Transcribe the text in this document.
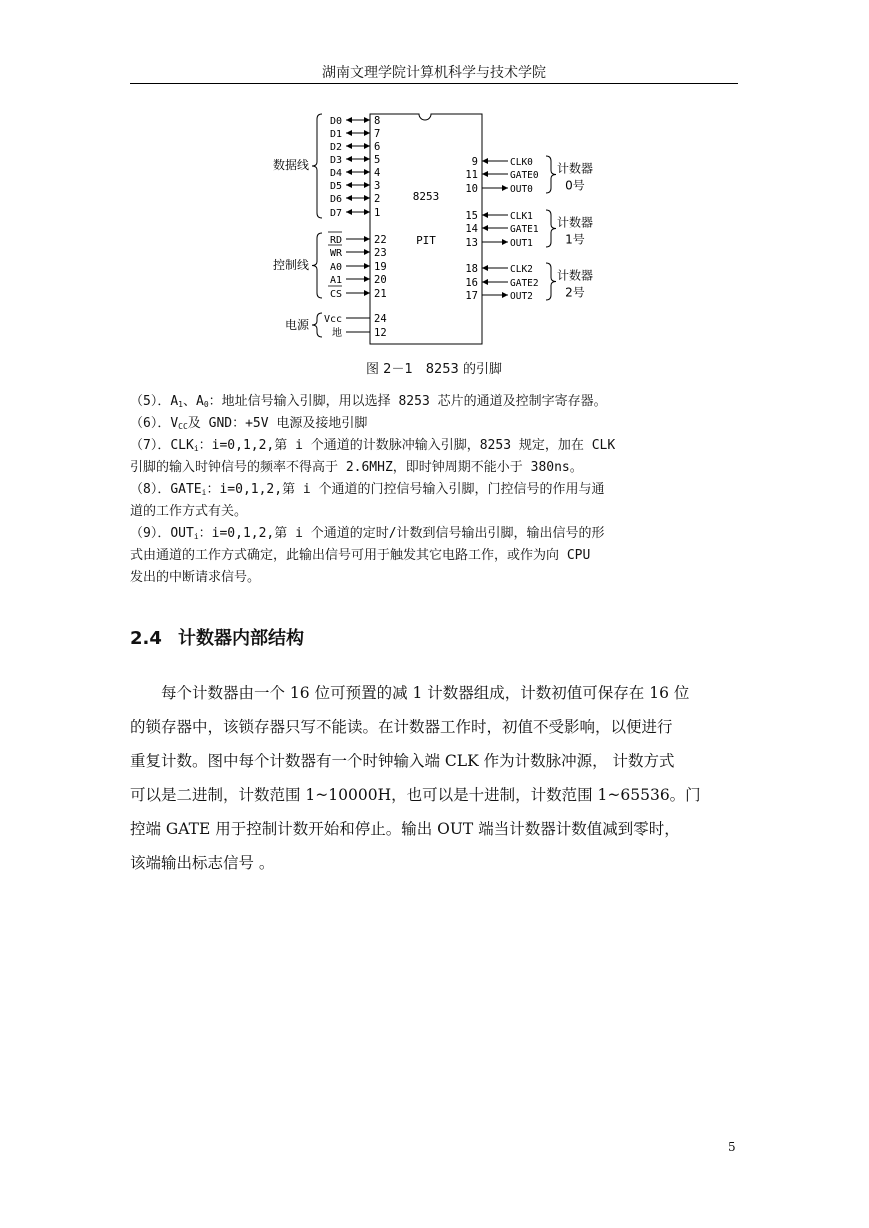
湖南文理学院计算机科学与技术学院
8253
PIT
D0	8
D1	7
D2	6
D3	5
D4	4
D5	3
D6	2
D7	1
RD	22
WR	23
A0	19
A1	20
CS	21
Vcc	24
地	12
数据线
控制线
电源
9	CLK0
11	GATE0
10	OUT0
15	CLK1
14	GATE1
13	OUT1
18	CLK2
16	GATE2
17	OUT2
计数器
0号
计数器
1号
计数器
2号
图 2－1　8253 的引脚
（5）．$A_1$、$A_0$：地址信号输入引脚，用以选择 8253 芯片的通道及控制字寄存器。
（6）．$V_{CC}$及 GND：+5V 电源及接地引脚
（7）．$CLK_i$：i=0,1,2,第 i 个通道的计数脉冲输入引脚，8253 规定，加在 CLK
引脚的输入时钟信号的频率不得高于 2.6MHZ，即时钟周期不能小于 380ns。
（8）．$GATE_i$：i=0,1,2,第 i 个通道的门控信号输入引脚，门控信号的作用与通
道的工作方式有关。
（9）．$OUT_i$：i=0,1,2,第 i 个通道的定时/计数到信号输出引脚，输出信号的形
式由通道的工作方式确定，此输出信号可用于触发其它电路工作，或作为向 CPU
发出的中断请求信号。
2.4 计数器内部结构
　　每个计数器由一个 16 位可预置的减 1 计数器组成，计数初值可保存在 16 位
的锁存器中，该锁存器只写不能读。在计数器工作时，初值不受影响，以便进行
重复计数。图中每个计数器有一个时钟输入端 CLK 作为计数脉冲源， 计数方式
可以是二进制，计数范围 1~10000H，也可以是十进制，计数范围 1~65536。门
控端 GATE 用于控制计数开始和停止。输出 OUT 端当计数器计数值减到零时，
该端输出标志信号 。
5
